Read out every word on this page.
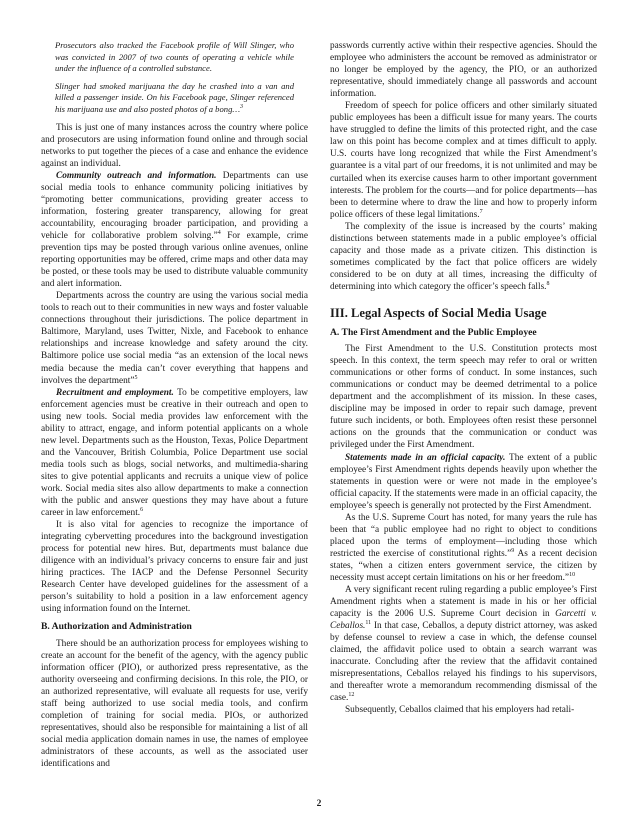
Prosecutors also tracked the Facebook profile of Will Slinger, who was convicted in 2007 of two counts of operating a vehicle while under the influence of a controlled substance.

Slinger had smoked marijuana the day he crashed into a van and killed a passenger inside. On his Facebook page, Slinger referenced his marijuana use and also posted photos of a bong…$^3$

This is just one of many instances across the country where police and prosecutors are using information found online and through social networks to put together the pieces of a case and enhance the evidence against an individual.

Community outreach and information. Departments can use social media tools to enhance community policing initiatives by “promoting better communications, providing greater access to information, fostering greater transparency, allowing for great accountability, encouraging broader participation, and providing a vehicle for collaborative problem solving.”$^4$ For example, crime prevention tips may be posted through various online avenues, online reporting opportunities may be offered, crime maps and other data may be posted, or these tools may be used to distribute valuable community and alert information.

Departments across the country are using the various social media tools to reach out to their communities in new ways and foster valuable connections throughout their jurisdictions. The police department in Baltimore, Maryland, uses Twitter, Nixle, and Facebook to enhance relationships and increase knowledge and safety around the city. Baltimore police use social media “as an extension of the local news media because the media can’t cover everything that happens and involves the department”$^5$

Recruitment and employment. To be competitive employers, law enforcement agencies must be creative in their outreach and open to using new tools. Social media provides law enforcement with the ability to attract, engage, and inform potential applicants on a whole new level. Departments such as the Houston, Texas, Police Department and the Vancouver, British Columbia, Police Department use social media tools such as blogs, social networks, and multimedia-sharing sites to give potential applicants and recruits a unique view of police work. Social media sites also allow departments to make a connection with the public and answer questions they may have about a future career in law enforcement.$^6$

It is also vital for agencies to recognize the importance of integrating cybervetting procedures into the background investigation process for potential new hires. But, departments must balance due diligence with an individual’s privacy concerns to ensure fair and just hiring practices. The IACP and the Defense Personnel Security Research Center have developed guidelines for the assessment of a person’s suitability to hold a position in a law enforcement agency using information found on the Internet.

B. Authorization and Administration

There should be an authorization process for employees wishing to create an account for the benefit of the agency, with the agency public information officer (PIO), or authorized press representative, as the authority overseeing and confirming decisions. In this role, the PIO, or an authorized representative, will evaluate all requests for use, verify staff being authorized to use social media tools, and confirm completion of training for social media. PIOs, or authorized representatives, should also be responsible for maintaining a list of all social media application domain names in use, the names of employee administrators of these accounts, as well as the associated user identifications and

passwords currently active within their respective agencies. Should the employee who administers the account be removed as administrator or no longer be employed by the agency, the PIO, or an authorized representative, should immediately change all passwords and account information.

Freedom of speech for police officers and other similarly situated public employees has been a difficult issue for many years. The courts have struggled to define the limits of this protected right, and the case law on this point has become complex and at times difficult to apply. U.S. courts have long recognized that while the First Amendment’s guarantee is a vital part of our freedoms, it is not unlimited and may be curtailed when its exercise causes harm to other important government interests. The problem for the courts—and for police departments—has been to determine where to draw the line and how to properly inform police officers of these legal limitations.$^7$

The complexity of the issue is increased by the courts’ making distinctions between statements made in a public employee’s official capacity and those made as a private citizen. This distinction is sometimes complicated by the fact that police officers are widely considered to be on duty at all times, increasing the difficulty of determining into which category the officer’s speech falls.$^8$

III. Legal Aspects of Social Media Usage
A. The First Amendment and the Public Employee

The First Amendment to the U.S. Constitution protects most speech. In this context, the term speech may refer to oral or written communications or other forms of conduct. In some instances, such communications or conduct may be deemed detrimental to a police department and the accomplishment of its mission. In these cases, discipline may be imposed in order to repair such damage, prevent future such incidents, or both. Employees often resist these personnel actions on the grounds that the communication or conduct was privileged under the First Amendment.

Statements made in an official capacity. The extent of a public employee’s First Amendment rights depends heavily upon whether the statements in question were or were not made in the employee’s official capacity. If the statements were made in an official capacity, the employee’s speech is generally not protected by the First Amendment.

As the U.S. Supreme Court has noted, for many years the rule has been that “a public employee had no right to object to conditions placed upon the terms of employment—including those which restricted the exercise of constitutional rights.”$^9$ As a recent decision states, “when a citizen enters government service, the citizen by necessity must accept certain limitations on his or her freedom.”$^{10}$

A very significant recent ruling regarding a public employee’s First Amendment rights when a statement is made in his or her official capacity is the 2006 U.S. Supreme Court decision in Garcetti v. Ceballos.$^{11}$ In that case, Ceballos, a deputy district attorney, was asked by defense counsel to review a case in which, the defense counsel claimed, the affidavit police used to obtain a search warrant was inaccurate. Concluding after the review that the affidavit contained misrepresentations, Ceballos relayed his findings to his supervisors, and thereafter wrote a memorandum recommending dismissal of the case.$^{12}$

Subsequently, Ceballos claimed that his employers had retali-

2
